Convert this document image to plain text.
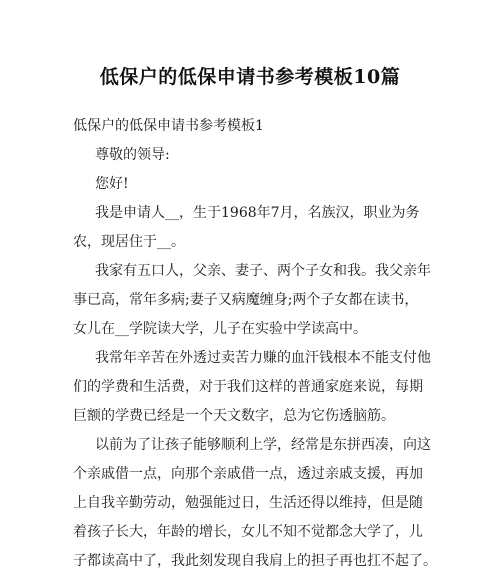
低保户的低保申请书参考模板10篇
低保户的低保申请书参考模板1
尊敬的领导:
您好!
我是申请人__，生于1968年7月，名族汉，职业为务
农，现居住于__。
我家有五口人，父亲、妻子、两个子女和我。我父亲年
事已高，常年多病;妻子又病魔缠身;两个子女都在读书，
女儿在__学院读大学，儿子在实验中学读高中。
我常年辛苦在外透过卖苦力赚的血汗钱根本不能支付他
们的学费和生活费，对于我们这样的普通家庭来说，每期
巨额的学费已经是一个天文数字，总为它伤透脑筋。
以前为了让孩子能够顺利上学，经常是东拼西凑，向这
个亲戚借一点，向那个亲戚借一点，透过亲戚支援，再加
上自我辛勤劳动，勉强能过日，生活还得以维持，但是随
着孩子长大，年龄的增长，女儿不知不觉都念大学了，儿
子都读高中了，我此刻发现自我肩上的担子再也扛不起了。
